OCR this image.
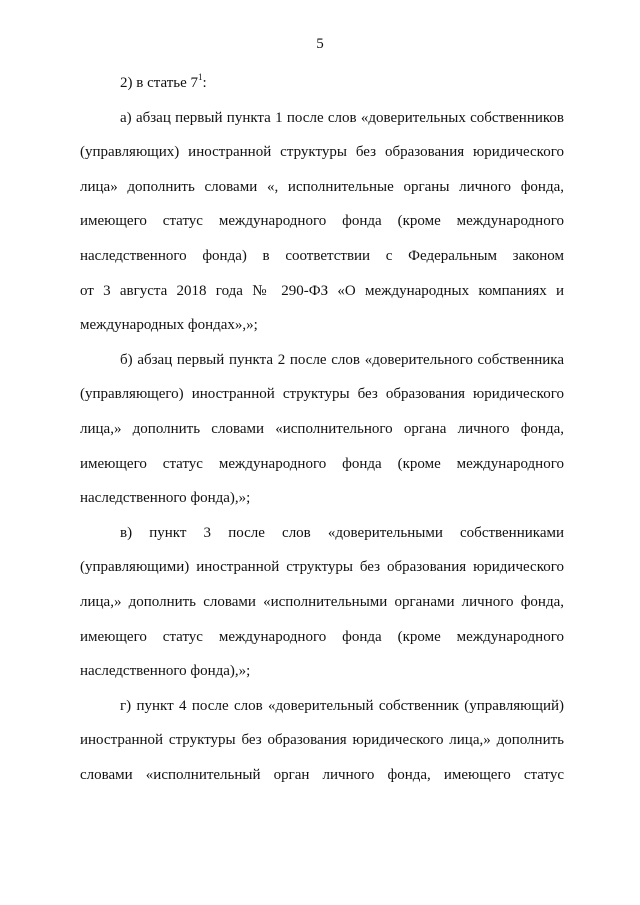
5
2) в статье $7^1$:
а) абзац первый пункта 1 после слов «доверительных собственников
(управляющих) иностранной структуры без образования юридического
лица» дополнить словами «, исполнительные органы личного фонда,
имеющего статус международного фонда (кроме международного
наследственного фонда) в соответствии с Федеральным законом
от 3 августа 2018 года № 290-ФЗ «О международных компаниях и
международных фондах»,»;
б) абзац первый пункта 2 после слов «доверительного собственника
(управляющего) иностранной структуры без образования юридического
лица,» дополнить словами «исполнительного органа личного фонда,
имеющего статус международного фонда (кроме международного
наследственного фонда),»;
в) пункт 3 после слов «доверительными собственниками
(управляющими) иностранной структуры без образования юридического
лица,» дополнить словами «исполнительными органами личного фонда,
имеющего статус международного фонда (кроме международного
наследственного фонда),»;
г) пункт 4 после слов «доверительный собственник (управляющий)
иностранной структуры без образования юридического лица,» дополнить
словами «исполнительный орган личного фонда, имеющего статус
